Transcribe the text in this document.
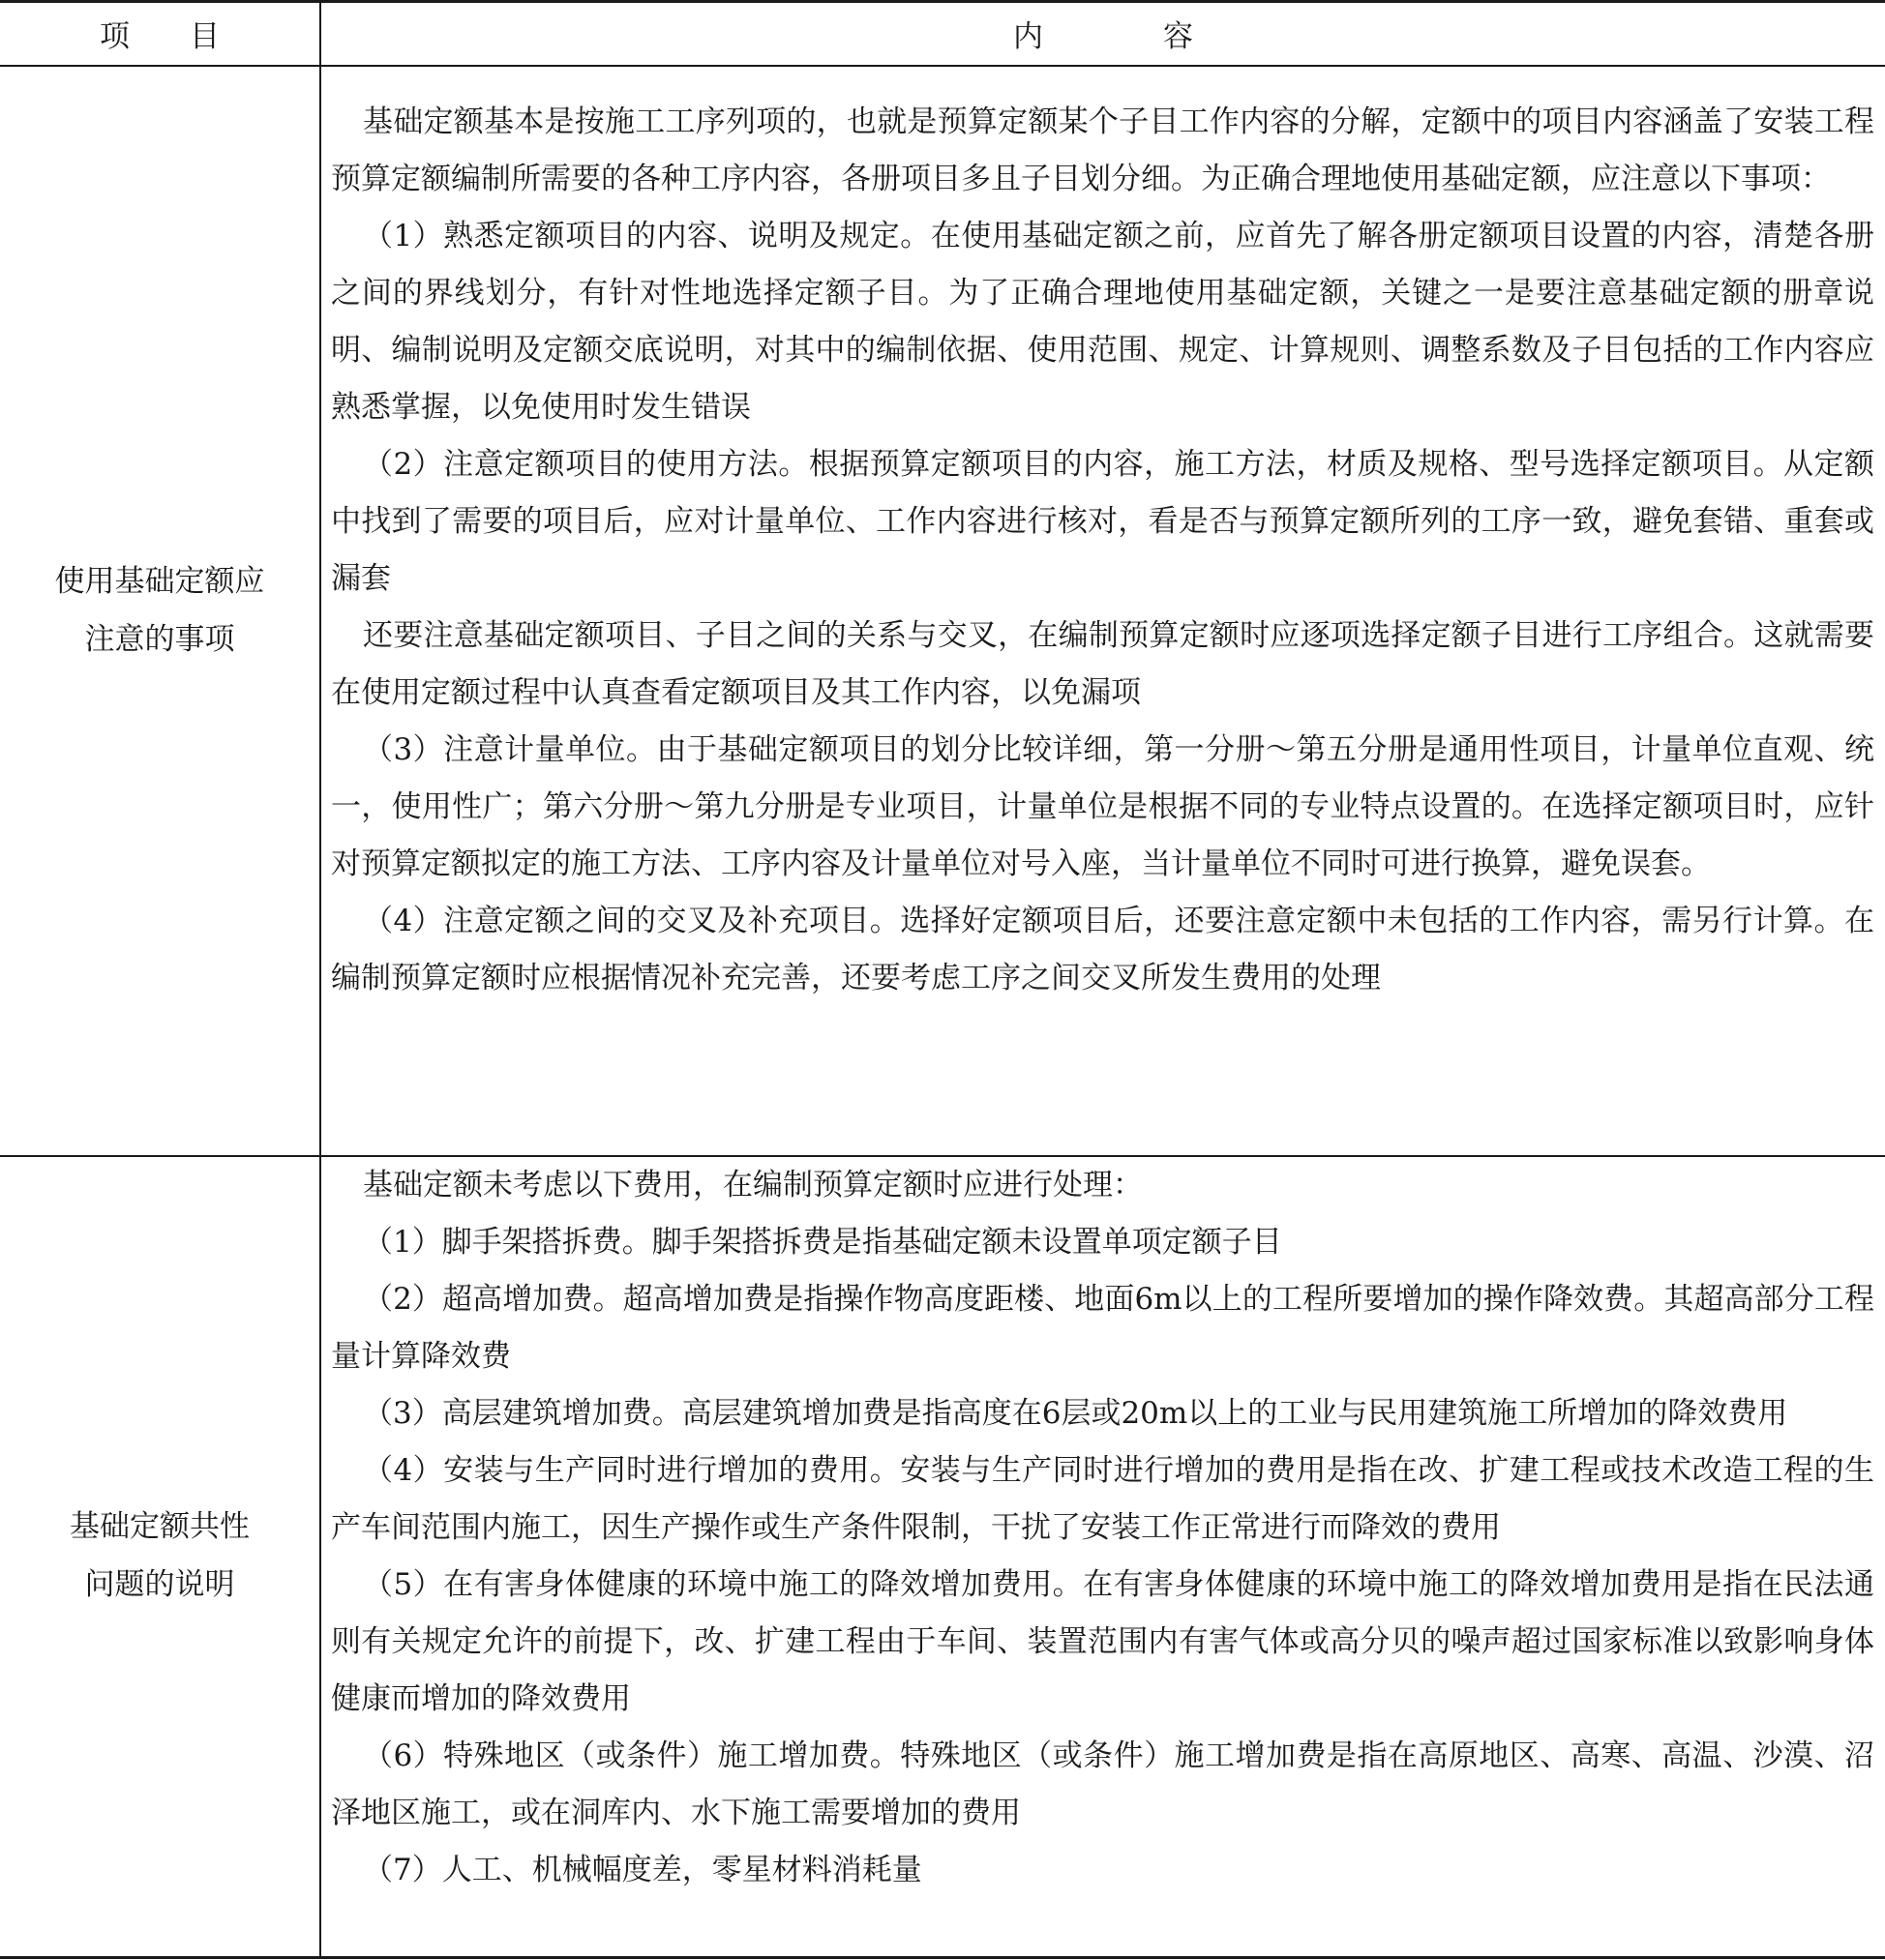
项　　目	内　　　　容
使用基础定额应
注意的事项

基础定额基本是按施工工序列项的，也就是预算定额某个子目工作内容的分解，定额中的项目内容涵盖了安装工程预算定额编制所需要的各种工序内容，各册项目多且子目划分细。为正确合理地使用基础定额，应注意以下事项：

（1）熟悉定额项目的内容、说明及规定。在使用基础定额之前，应首先了解各册定额项目设置的内容，清楚各册之间的界线划分，有针对性地选择定额子目。为了正确合理地使用基础定额，关键之一是要注意基础定额的册章说明、编制说明及定额交底说明，对其中的编制依据、使用范围、规定、计算规则、调整系数及子目包括的工作内容应熟悉掌握，以免使用时发生错误

（2）注意定额项目的使用方法。根据预算定额项目的内容，施工方法，材质及规格、型号选择定额项目。从定额中找到了需要的项目后，应对计量单位、工作内容进行核对，看是否与预算定额所列的工序一致，避免套错、重套或漏套

还要注意基础定额项目、子目之间的关系与交叉，在编制预算定额时应逐项选择定额子目进行工序组合。这就需要在使用定额过程中认真查看定额项目及其工作内容，以免漏项

（3）注意计量单位。由于基础定额项目的划分比较详细，第一分册～第五分册是通用性项目，计量单位直观、统一，使用性广；第六分册～第九分册是专业项目，计量单位是根据不同的专业特点设置的。在选择定额项目时，应针对预算定额拟定的施工方法、工序内容及计量单位对号入座，当计量单位不同时可进行换算，避免误套。

（4）注意定额之间的交叉及补充项目。选择好定额项目后，还要注意定额中未包括的工作内容，需另行计算。在编制预算定额时应根据情况补充完善，还要考虑工序之间交叉所发生费用的处理

基础定额共性
问题的说明

基础定额未考虑以下费用，在编制预算定额时应进行处理：

（1）脚手架搭拆费。脚手架搭拆费是指基础定额未设置单项定额子目

（2）超高增加费。超高增加费是指操作物高度距楼、地面6m以上的工程所要增加的操作降效费。其超高部分工程量计算降效费

（3）高层建筑增加费。高层建筑增加费是指高度在6层或20m以上的工业与民用建筑施工所增加的降效费用

（4）安装与生产同时进行增加的费用。安装与生产同时进行增加的费用是指在改、扩建工程或技术改造工程的生产车间范围内施工，因生产操作或生产条件限制，干扰了安装工作正常进行而降效的费用

（5）在有害身体健康的环境中施工的降效增加费用。在有害身体健康的环境中施工的降效增加费用是指在民法通则有关规定允许的前提下，改、扩建工程由于车间、装置范围内有害气体或高分贝的噪声超过国家标准以致影响身体健康而增加的降效费用

（6）特殊地区（或条件）施工增加费。特殊地区（或条件）施工增加费是指在高原地区、高寒、高温、沙漠、沼泽地区施工，或在洞库内、水下施工需要增加的费用

（7）人工、机械幅度差，零星材料消耗量
